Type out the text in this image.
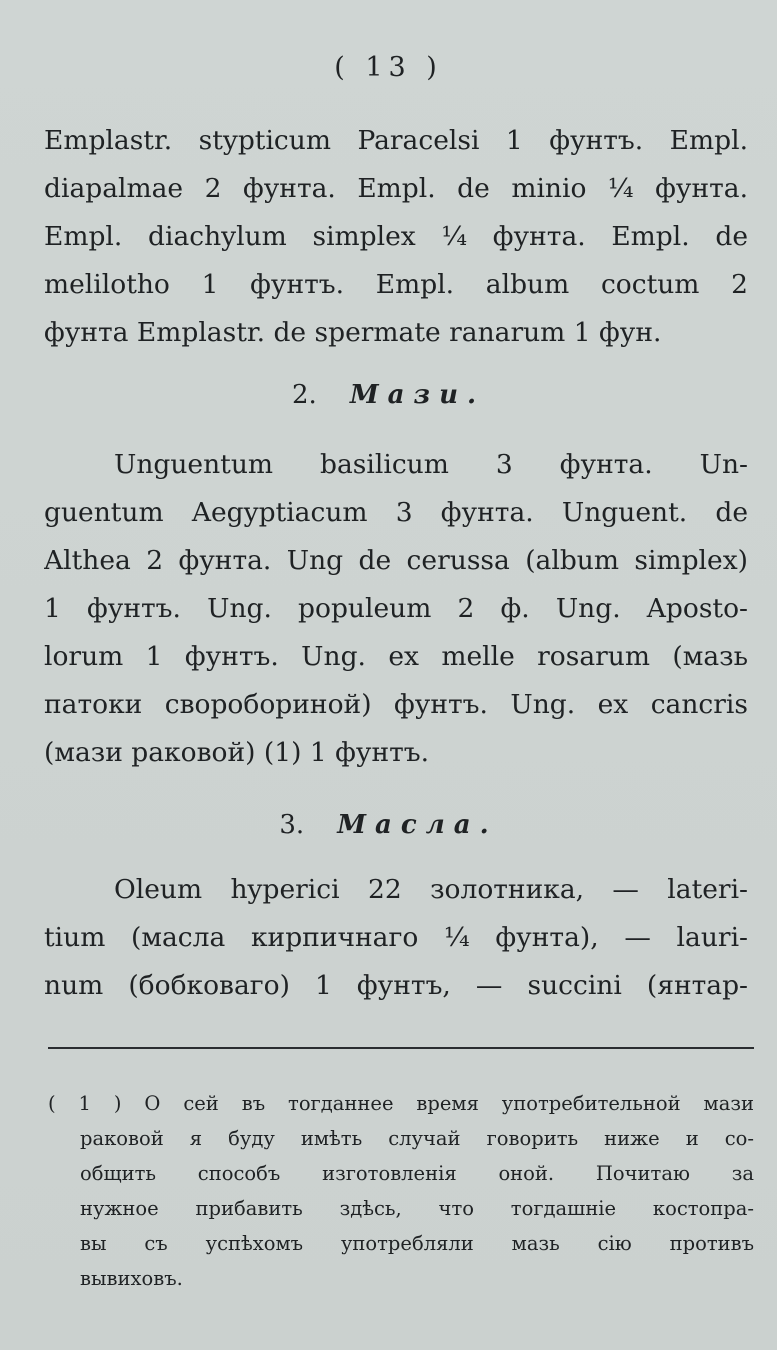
( 13 )
Emplastr. stypticum Paracelsi 1 фунтъ. Empl.
diapalmae 2 фунта. Empl. de minio ¼ фунта.
Empl. diachylum simplex ¼ фунта. Empl. de
melilotho 1 фунтъ. Empl. album coctum 2
фунта Emplastr. de spermate ranarum 1 фун.
2. Мази.
Unguentum basilicum 3 фунта. Un-
guentum Aegyptiacum 3 фунта. Unguent. de
Althea 2 фунта. Ung de cerussa (album simplex)
1 фунтъ. Ung. populeum 2 ф. Ung. Aposto-
lorum 1 фунтъ. Ung. ex melle rosarum (мазь
патоки свороборинoй) фунтъ. Ung. ex cancris
(мази раковой) (1) 1 фунтъ.
3. Масла.
Oleum hyperici 22 золотника, — lateri-
tium (масла кирпичнаго ¼ фунта), — lauri-
num (бобковаго) 1 фунтъ, — succini (янтар-
( 1 ) О сей въ тогданнее время употребительной мази
раковой я буду имѣть случай говорить ниже и со-
общить способъ изготовленія оной. Почитаю за
нужное прибавить здѣсь, что тогдашніе костопра-
вы съ успѣхомъ употребляли мазь сію противъ
вывиховъ.
